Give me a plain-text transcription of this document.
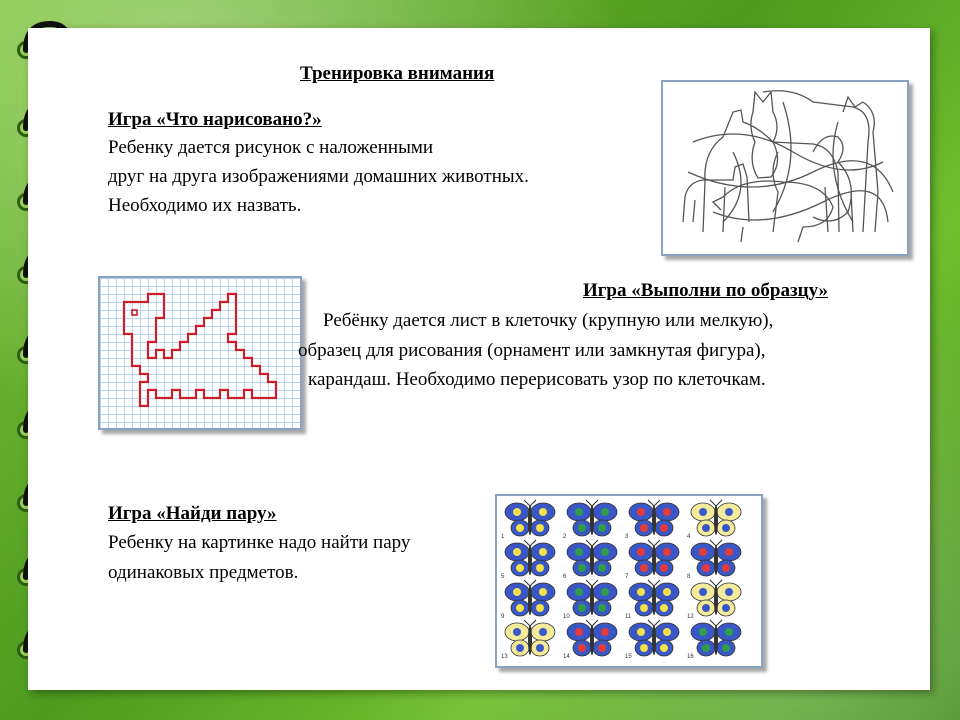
Тренировка внимания
Игра «Что нарисовано?»
Ребенку дается рисунок с наложенными
друг на друга изображениями домашних животных.
Необходимо их назвать.
Игра «Выполни по образцу»
Ребёнку дается лист в клеточку (крупную или мелкую),
образец для рисования (орнамент или замкнутая фигура),
карандаш. Необходимо перерисовать узор по клеточкам.
Игра «Найди пару»
Ребенку на картинке надо найти пару
одинаковых предметов.
1	2	3	4
5	6	7	8
9	10	11	12
13	14	15	16
